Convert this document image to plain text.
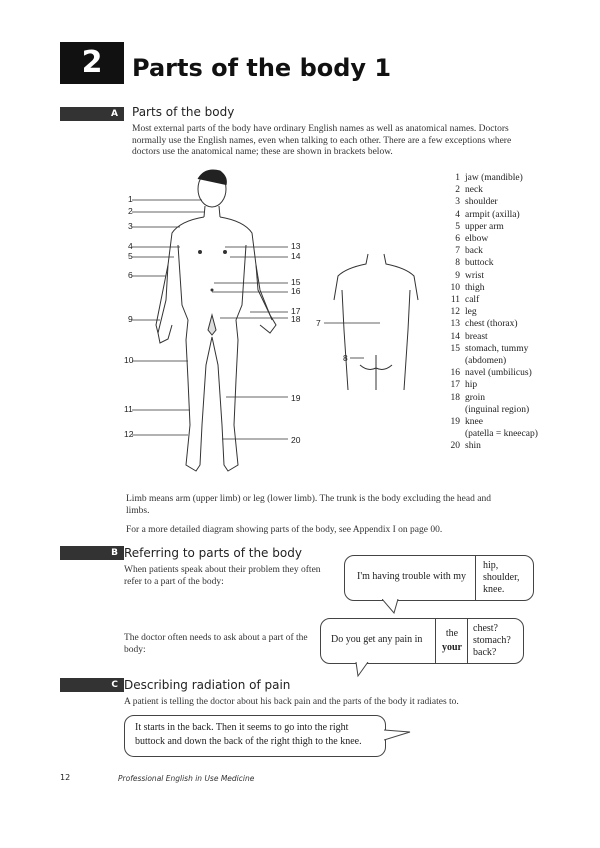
2	Parts of the body 1
A	Parts of the body
Most external parts of the body have ordinary English names as well as anatomical names. Doctors normally use the English names, even when talking to each other. There are a few exceptions where doctors use the anatomical name; these are shown in brackets below.
1
2
3
4
5
6
9
10
11
12
13
14
15
16
17
18
19
20
7
8
1 jaw (mandible)
2 neck
3 shoulder
4 armpit (axilla)
5 upper arm
6 elbow
7 back
8 buttock
9 wrist
10 thigh
11 calf
12 leg
13 chest (thorax)
14 breast
15 stomach, tummy
(abdomen)
16 navel (umbilicus)
17 hip
18 groin
(inguinal region)
19 knee
(patella = kneecap)
20 shin
Limb means arm (upper limb) or leg (lower limb). The trunk is the body excluding the head and limbs.
For a more detailed diagram showing parts of the body, see Appendix I on page 00.
B Referring to parts of the body
When patients speak about their problem they often refer to a part of the body:	I'm having trouble with my
hip,
shoulder,
knee.
The doctor often needs to ask about a part of the body:
Do you get any pain in
the
your
chest?
stomach?
back?
C Describing radiation of pain
A patient is telling the doctor about his back pain and the parts of the body it radiates to.
It starts in the back. Then it seems to go into the right buttock and down the back of the right thigh to the knee.
12	Professional English in Use Medicine
